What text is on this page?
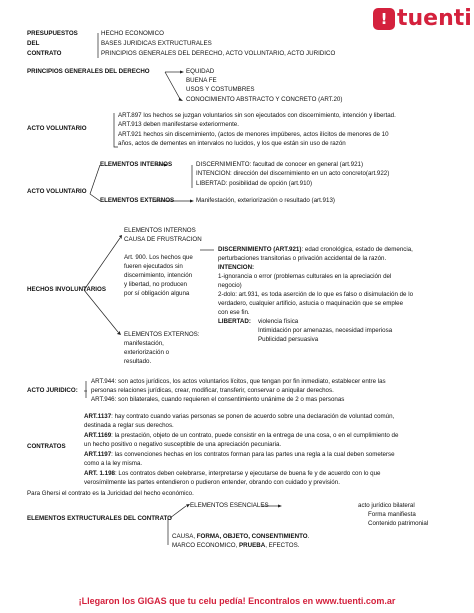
! tuenti
PRESUPUESTOS
DEL
CONTRATO
HECHO ECONOMICO
BASES JURIDICAS EXTRUCTURALES
PRINCIPIOS GENERALES DEL DERECHO, ACTO VOLUNTARIO, ACTO JURIDICO
PRINCIPIOS GENERALES DEL DERECHO	EQUIDAD
BUENA FE
USOS Y COSTUMBRES
CONOCIMIENTO ABSTRACTO Y CONCRETO (ART.20)
ACTO VOLUNTARIO
ART.897 los hechos se juzgan voluntarios sin son ejecutados con discernimiento, intención y libertad.
ART.913 deben manifestarse exteriormente.
ART.921 hechos sin discernimiento, (actos de menores impúberes, actos ilícitos de menores de 10
años, actos de dementes en intervalos no lucidos, y los que están sin uso de razón
ACTO VOLUNTARIO
ELEMENTOS INTERNOS	DISCERNIMIENTO: facultad de conocer en general (art.921)
INTENCION: dirección del discernimiento en un acto concreto(art.922)
LIBERTAD: posibilidad de opción (art.910)
ELEMENTOS EXTERNOS	Manifestación, exteriorización o resultado (art.913)
HECHOS INVOLUNTARIOS
ELEMENTOS INTERNOS
CAUSA DE FRUSTRACION
Art. 900. Los hechos que
fueren ejecutados sin
discernimiento, intención
y libertad, no producen
por sí obligación alguna
ELEMENTOS EXTERNOS:
manifestación,
exteriorización o
resultado.
DISCERNIMIENTO (ART.921): edad cronológica, estado de demencia,
perturbaciones transitorias o privación accidental de la razón.
INTENCION:
1-ignorancia o error (problemas culturales en la apreciación del
negocio)
2-dolo: art.931, es toda aserción de lo que es falso o disimulación de lo
verdadero, cualquier artificio, astucia o maquinación que se emplee
con ese fin.
LIBERTAD: violencia física
Intimidación por amenazas, necesidad imperiosa
Publicidad persuasiva
ACTO JURIDICO:
ART.944: son actos jurídicos, los actos voluntarios lícitos, que tengan por fin inmediato, establecer entre las
personas relaciones jurídicas, crear, modificar, transferir, conservar o aniquilar derechos.
ART.946: son bilaterales, cuando requieren el consentimiento unánime de 2 o mas personas
CONTRATOS
ART.1137: hay contrato cuando varias personas se ponen de acuerdo sobre una declaración de voluntad común,
destinada a reglar sus derechos.
ART.1169: la prestación, objeto de un contrato, puede consistir en la entrega de una cosa, o en el cumplimiento de
un hecho positivo o negativo susceptible de una apreciación pecuniaria.
ART.1197: las convenciones hechas en los contratos forman para las partes una regla a la cual deben someterse
como a la ley misma.
ART. 1.198: Los contratos deben celebrarse, interpretarse y ejecutarse de buena fe y de acuerdo con lo que
verosímilmente las partes entendieron o pudieron entender, obrando con cuidado y previsión.
Para Ghersi el contrato es la Juricidad del hecho económico.
ELEMENTOS EXTRUCTURALES DEL CONTRATO
ELEMENTOS ESENCIALES	acto jurídico bilateral
Forma manifiesta
Contenido patrimonial
CAUSA, FORMA, OBJETO, CONSENTIMIENTO.
MARCO ECONOMICO, PRUEBA, EFECTOS.
¡Llegaron los GIGAS que tu celu pedía! Encontralos en www.tuenti.com.ar
